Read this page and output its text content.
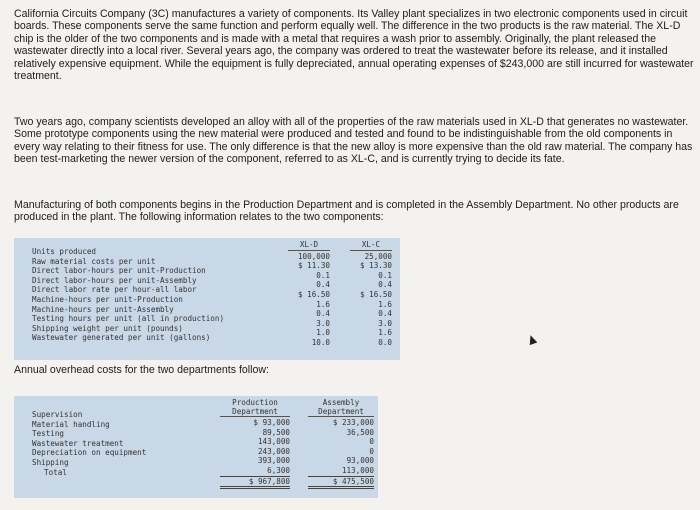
California Circuits Company (3C) manufactures a variety of components. Its Valley plant specializes in two electronic components used in circuit boards. These components serve the same function and perform equally well. The difference in the two products is the raw material. The XL-D chip is the older of the two components and is made with a metal that requires a wash prior to assembly. Originally, the plant released the wastewater directly into a local river. Several years ago, the company was ordered to treat the wastewater before its release, and it installed relatively expensive equipment. While the equipment is fully depreciated, annual operating expenses of $243,000 are still incurred for wastewater treatment.

Two years ago, company scientists developed an alloy with all of the properties of the raw materials used in XL-D that generates no wastewater. Some prototype components using the new material were produced and tested and found to be indistinguishable from the old components in every way relating to their fitness for use. The only difference is that the new alloy is more expensive than the old raw material. The company has been test-marketing the newer version of the component, referred to as XL-C, and is currently trying to decide its fate.

Manufacturing of both components begins in the Production Department and is completed in the Assembly Department. No other products are produced in the plant. The following information relates to the two components:

Units produced
Raw material costs per unit
Direct labor-hours per unit-Production
Direct labor-hours per unit-Assembly
Direct labor rate per hour-all labor
Machine-hours per unit-Production
Machine-hours per unit-Assembly
Testing hours per unit (all in production)
Shipping weight per unit (pounds)
Wastewater generated per unit (gallons)
XL-D
100,000
$ 11.30
0.1
0.4
$ 16.50
1.6
0.4
3.0
1.0
10.0
XL-C
25,000
$ 13.30
0.1
0.4
$ 16.50
1.6
0.4
3.0
1.6
0.0

Annual overhead costs for the two departments follow:

Supervision
Material handling
Testing
Wastewater treatment
Depreciation on equipment
Shipping
Total
Production
Department
$ 93,000
89,500
143,000
243,000
393,000
6,300
$ 967,800
Assembly
Department
$ 233,000
36,500
0
0
93,000
113,000
$ 475,500
